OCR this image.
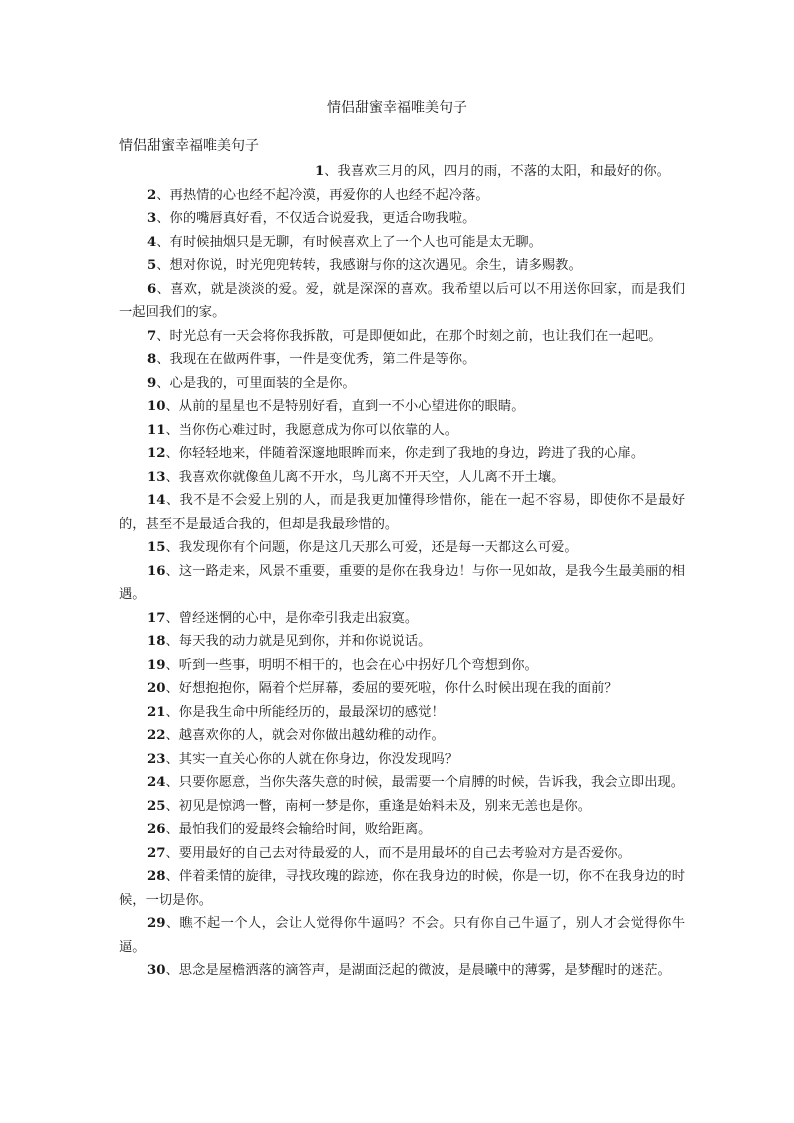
情侣甜蜜幸福唯美句子
情侣甜蜜幸福唯美句子
1、我喜欢三月的风，四月的雨，不落的太阳，和最好的你。
2、再热情的心也经不起冷漠，再爱你的人也经不起冷落。
3、你的嘴唇真好看，不仅适合说爱我，更适合吻我啦。
4、有时候抽烟只是无聊，有时候喜欢上了一个人也可能是太无聊。
5、想对你说，时光兜兜转转，我感谢与你的这次遇见。余生，请多赐教。
6、喜欢，就是淡淡的爱。爱，就是深深的喜欢。我希望以后可以不用送你回家，而是我们一起回我们的家。
7、时光总有一天会将你我拆散，可是即便如此，在那个时刻之前，也让我们在一起吧。
8、我现在在做两件事，一件是变优秀，第二件是等你。
9、心是我的，可里面装的全是你。
10、从前的星星也不是特别好看，直到一不小心望进你的眼睛。
11、当你伤心难过时，我愿意成为你可以依靠的人。
12、你轻轻地来，伴随着深邃地眼眸而来，你走到了我地的身边，跨进了我的心扉。
13、我喜欢你就像鱼儿离不开水，鸟儿离不开天空，人儿离不开土壤。
14、我不是不会爱上别的人，而是我更加懂得珍惜你，能在一起不容易，即使你不是最好的，甚至不是最适合我的，但却是我最珍惜的。
15、我发现你有个问题，你是这几天那么可爱，还是每一天都这么可爱。
16、这一路走来，风景不重要，重要的是你在我身边！与你一见如故，是我今生最美丽的相遇。
17、曾经迷惘的心中，是你牵引我走出寂寞。
18、每天我的动力就是见到你，并和你说说话。
19、听到一些事，明明不相干的，也会在心中拐好几个弯想到你。
20、好想抱抱你，隔着个烂屏幕，委屈的要死啦，你什么时候出现在我的面前？
21、你是我生命中所能经历的，最最深切的感觉！
22、越喜欢你的人，就会对你做出越幼稚的动作。
23、其实一直关心你的人就在你身边，你没发现吗？
24、只要你愿意，当你失落失意的时候，最需要一个肩膊的时候，告诉我，我会立即出现。
25、初见是惊鸿一瞥，南柯一梦是你，重逢是始料未及，别来无恙也是你。
26、最怕我们的爱最终会输给时间，败给距离。
27、要用最好的自己去对待最爱的人，而不是用最坏的自己去考验对方是否爱你。
28、伴着柔情的旋律，寻找玫瑰的踪迹，你在我身边的时候，你是一切，你不在我身边的时候，一切是你。
29、瞧不起一个人，会让人觉得你牛逼吗？不会。只有你自己牛逼了，别人才会觉得你牛逼。
30、思念是屋檐洒落的滴答声，是湖面泛起的微波，是晨曦中的薄雾，是梦醒时的迷茫。
